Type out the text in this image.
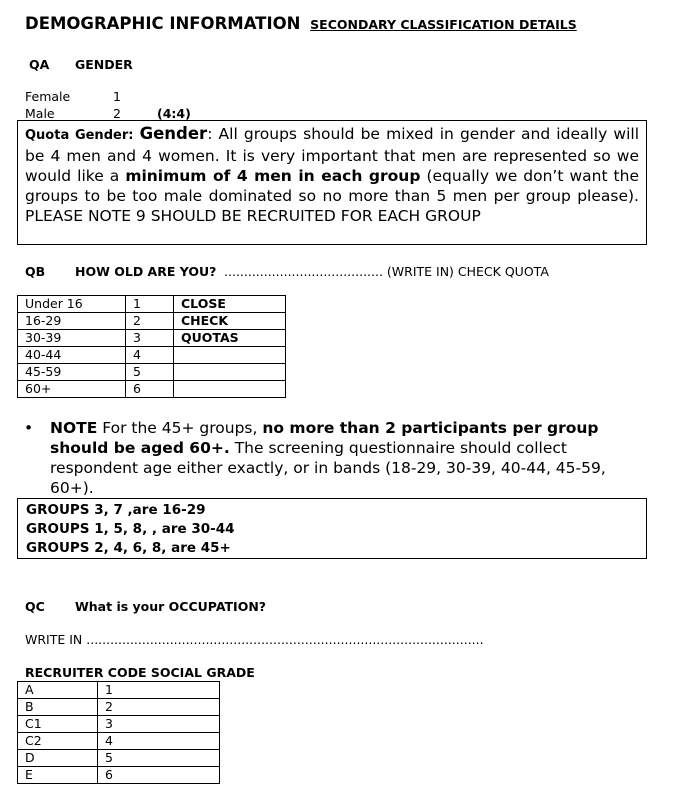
DEMOGRAPHIC INFORMATION SECONDARY CLASSIFICATION DETAILS
QA GENDER
Female	1
Male	2	(4:4)
Quota Gender: Gender: All groups should be mixed in gender and ideally will be 4 men and 4 women. It is very important that men are represented so we would like a minimum of 4 men in each group (equally we don’t want the groups to be too male dominated so no more than 5 men per group please). PLEASE NOTE 9 SHOULD BE RECRUITED FOR EACH GROUP
QB HOW OLD ARE YOU? ........................................ (WRITE IN) CHECK QUOTA
Under 16	1	CLOSE
16-29	2	CHECK
30-39	3	QUOTAS
40-44	4	
45-59	5	
60+	6	
• NOTE For the 45+ groups, no more than 2 participants per group should be aged 60+. The screening questionnaire should collect respondent age either exactly, or in bands (18-29, 30-39, 40-44, 45-59, 60+).
GROUPS 3, 7 ,are 16-29
GROUPS 1, 5, 8, , are 30-44
GROUPS 2, 4, 6, 8, are 45+
QC What is your OCCUPATION?
WRITE IN ....................................................................................................
RECRUITER CODE SOCIAL GRADE
A	1
B	2
C1	3
C2	4
D	5
E	6
